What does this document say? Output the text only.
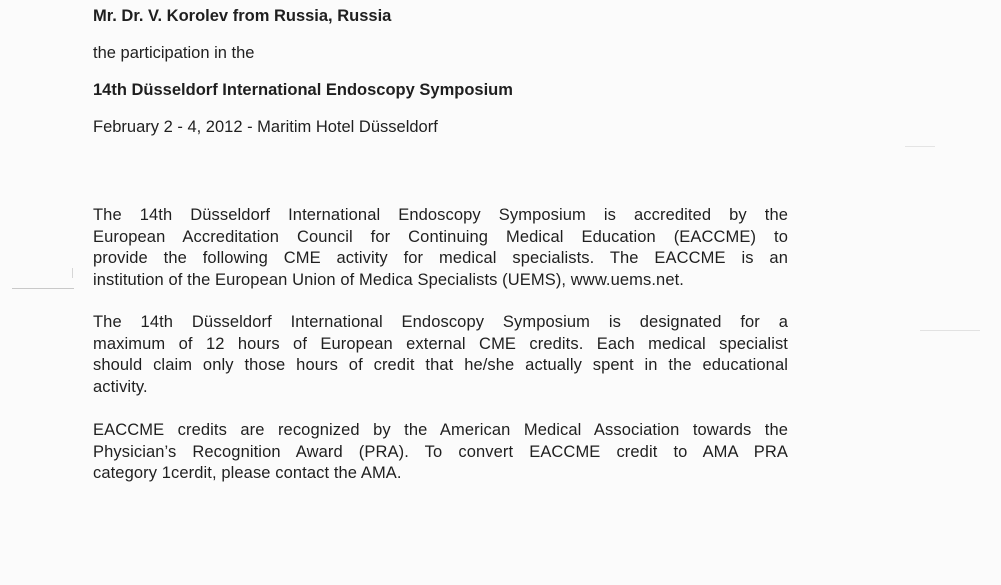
Mr. Dr. V. Korolev from Russia, Russia
the participation in the
14th Düsseldorf International Endoscopy Symposium
February 2 - 4, 2012 - Maritim Hotel Düsseldorf
The 14th Düsseldorf International Endoscopy Symposium is accredited by the
European Accreditation Council for Continuing Medical Education (EACCME) to
provide the following CME activity for medical specialists. The EACCME is an
institution of the European Union of Medica Specialists (UEMS), www.uems.net.
The 14th Düsseldorf International Endoscopy Symposium is designated for a
maximum of 12 hours of European external CME credits. Each medical specialist
should claim only those hours of credit that he/she actually spent in the educational
activity.
EACCME credits are recognized by the American Medical Association towards the
Physician’s Recognition Award (PRA). To convert EACCME credit to AMA PRA
category 1cerdit, please contact the AMA.
